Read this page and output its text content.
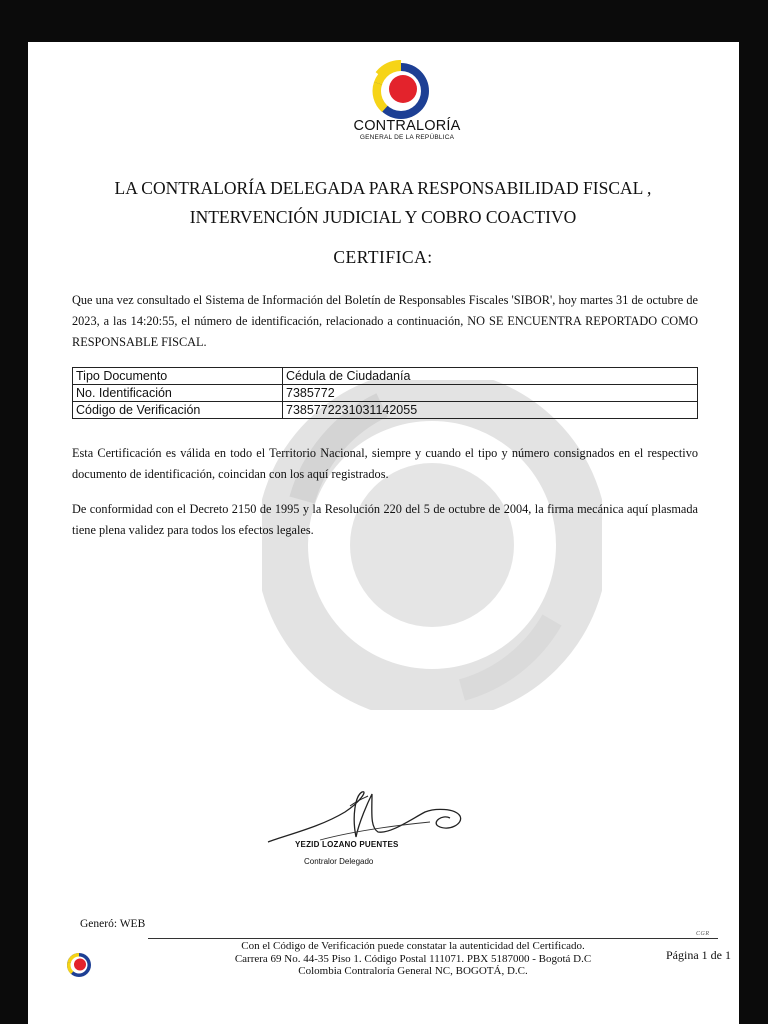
CONTRALORÍA
GENERAL DE LA REPÚBLICA
LA CONTRALORÍA DELEGADA PARA RESPONSABILIDAD FISCAL ,
INTERVENCIÓN JUDICIAL Y COBRO COACTIVO
CERTIFICA:
Que una vez consultado el Sistema de Información del Boletín de Responsables Fiscales 'SIBOR', hoy martes 31 de octubre de 2023, a las 14:20:55, el número de identificación, relacionado a continuación, NO SE ENCUENTRA REPORTADO COMO RESPONSABLE FISCAL.
Tipo Documento	Cédula de Ciudadanía
No. Identificación	7385772
Código de Verificación	7385772231031142055
Esta Certificación es válida en todo el Territorio Nacional, siempre y cuando el tipo y número consignados en el respectivo documento de identificación, coincidan con los aquí registrados.
De conformidad con el Decreto 2150 de 1995 y la Resolución 220 del 5 de octubre de 2004, la firma mecánica aquí plasmada tiene plena validez para todos los efectos legales.
YEZID LOZANO PUENTES
Contralor Delegado
Generó: WEB
CGR
Con el Código de Verificación puede constatar la autenticidad del Certificado.
Carrera 69 No. 44-35 Piso 1. Código Postal 111071. PBX 5187000 - Bogotá D.C
Colombia Contraloría General NC, BOGOTÁ, D.C.
Página 1 de 1
